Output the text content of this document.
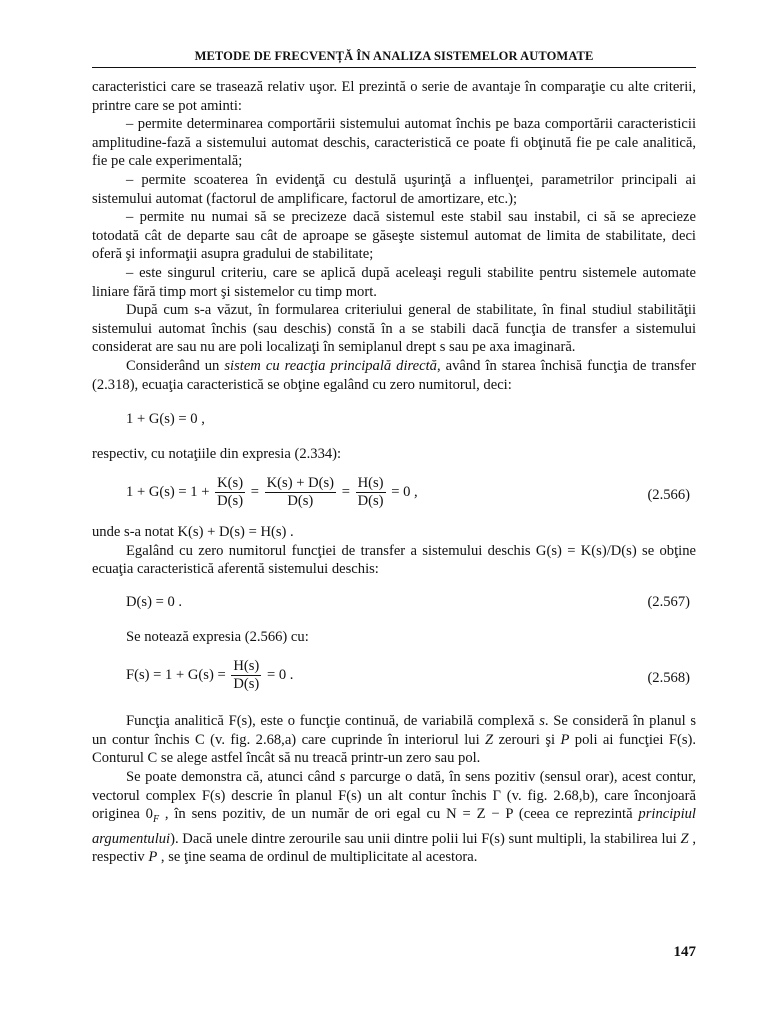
METODE DE FRECVENȚĂ ÎN ANALIZA SISTEMELOR AUTOMATE

caracteristici care se trasează relativ uşor. El prezintă o serie de avantaje în comparaţie cu alte criterii, printre care se pot aminti:

– permite determinarea comportării sistemului automat închis pe baza comportării caracteristicii amplitudine-fază a sistemului automat deschis, caracteristică ce poate fi obţinută fie pe cale analitică, fie pe cale experimentală;

– permite scoaterea în evidenţă cu destulă uşurinţă a influenţei, parametrilor principali ai sistemului automat (factorul de amplificare, factorul de amortizare, etc.);

– permite nu numai să se precizeze dacă sistemul este stabil sau instabil, ci să se aprecieze totodată cât de departe sau cât de aproape se găseşte sistemul automat de limita de stabilitate, deci oferă şi informaţii asupra gradului de stabilitate;

– este singurul criteriu, care se aplică după aceleaşi reguli stabilite pentru sistemele automate liniare fără timp mort şi sistemelor cu timp mort.

După cum s-a văzut, în formularea criteriului general de stabilitate, în final studiul stabilităţii sistemului automat închis (sau deschis) constă în a se stabili dacă funcţia de transfer a sistemului considerat are sau nu are poli localizaţi în semiplanul drept s sau pe axa imaginară.

Considerând un sistem cu reacţia principală directă, având în starea închisă funcţia de transfer (2.318), ecuaţia caracteristică se obţine egalând cu zero numitorul, deci:

1 + G(s) = 0 ,

respectiv, cu notaţiile din expresia (2.334):

$1 + G(s) = 1 + \frac{K(s)}{D(s)} = \frac{K(s) + D(s)}{D(s)} = \frac{H(s)}{D(s)} = 0$ ,	(2.566)

unde s-a notat K(s) + D(s) = H(s) .

Egalând cu zero numitorul funcţiei de transfer a sistemului deschis G(s) = K(s)/D(s) se obţine ecuaţia caracteristică aferentă sistemului deschis:

D(s) = 0 .	(2.567)

Se notează expresia (2.566) cu:

$F(s) = 1 + G(s) = \frac{H(s)}{D(s)} = 0$ .	(2.568)

Funcţia analitică F(s), este o funcţie continuă, de variabilă complexă s. Se consideră în planul s un contur închis C (v. fig. 2.68,a) care cuprinde în interiorul lui Z zerouri şi P poli ai funcţiei F(s). Conturul C se alege astfel încât să nu treacă printr-un zero sau pol.

Se poate demonstra că, atunci când s parcurge o dată, în sens pozitiv (sensul orar), acest contur, vectorul complex F(s) descrie în planul F(s) un alt contur închis Γ (v. fig. 2.68,b), care înconjoară originea $0_F$ , în sens pozitiv, de un număr de ori egal cu N = Z − P (ceea ce reprezintă principiul argumentului). Dacă unele dintre zerourile sau unii dintre polii lui F(s) sunt multipli, la stabilirea lui Z , respectiv P , se ţine seama de ordinul de multiplicitate al acestora.

147
